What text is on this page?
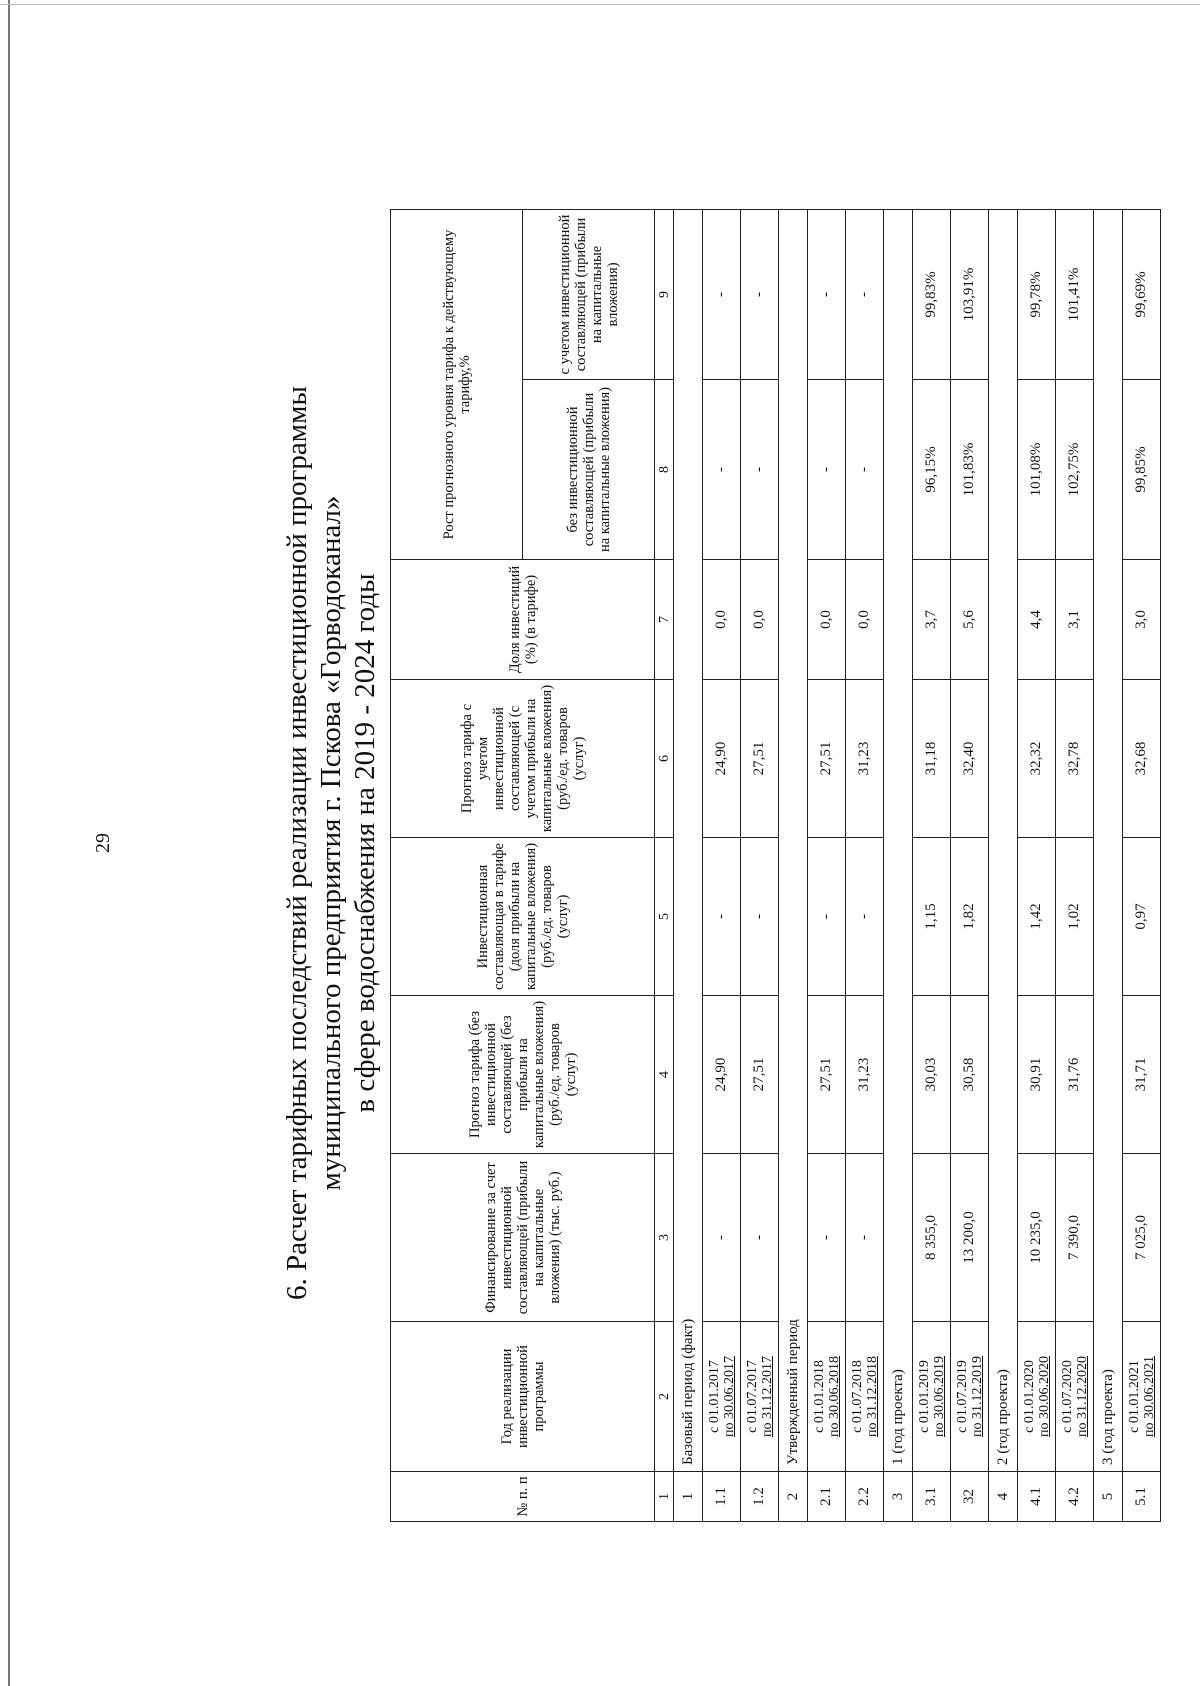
29	6. Расчет тарифных последствий реализации инвестиционной программы муниципального предприятия г. Пскова «Горводоканал» в сфере водоснабжения на 2019 - 2024 годы
№ п. п	Год реализации инвестиционной программы	Финансирование за счет инвестиционной составляющей (прибыли на капитальные вложения) (тыс. руб.)	Прогноз тарифа (без инвестиционной составляющей (без прибыли на капитальные вложения) (руб./ед. товаров (услуг)	Инвестиционная составляющая в тарифе (доля прибыли на капитальные вложения) (руб./ед. товаров (услуг)	Прогноз тарифа с учетом инвестиционной составляющей (с учетом прибыли на капитальные вложения) (руб./ед. товаров (услуг)	Доля инвестиций (%) (в тарифе)	Рост прогнозного уровня тарифа к действующему тарифу,%	
							без инвестиционной составляющей (прибыли на капитальные вложения)	с учетом инвестиционной составляющей (прибыли на капитальные вложения)
1	2	3	4	5	6	7	8	9
1	Базовый период (факт)							
1.1	с 01.01.2017 по 30.06.2017	-	24,90	-	24,90	0,0	-	-
1.2	с 01.07.2017 по 31.12.2017	-	27,51	-	27,51	0,0	-	-
2	Утвержденный период							
2.1	с 01.01.2018 по 30.06.2018	-	27,51	-	27,51	0,0	-	-
2.2	с 01.07.2018 по 31.12.2018	-	31,23	-	31,23	0,0	-	-
3	1 (год проекта)							
3.1	с 01.01.2019 по 30.06.2019	8 355,0	30,03	1,15	31,18	3,7	96,15%	99,83%
32	с 01.07.2019 по 31.12.2019	13 200,0	30,58	1,82	32,40	5,6	101,83%	103,91%
4	2 (год проекта)							
4.1	с 01.01.2020 по 30.06.2020	10 235,0	30,91	1,42	32,32	4,4	101,08%	99,78%
4.2	с 01.07.2020 по 31.12.2020	7 390,0	31,76	1,02	32,78	3,1	102,75%	101,41%
5	3 (год проекта)							
5.1	с 01.01.2021 по 30.06.2021	7 025,0	31,71	0,97	32,68	3,0	99,85%	99,69%
